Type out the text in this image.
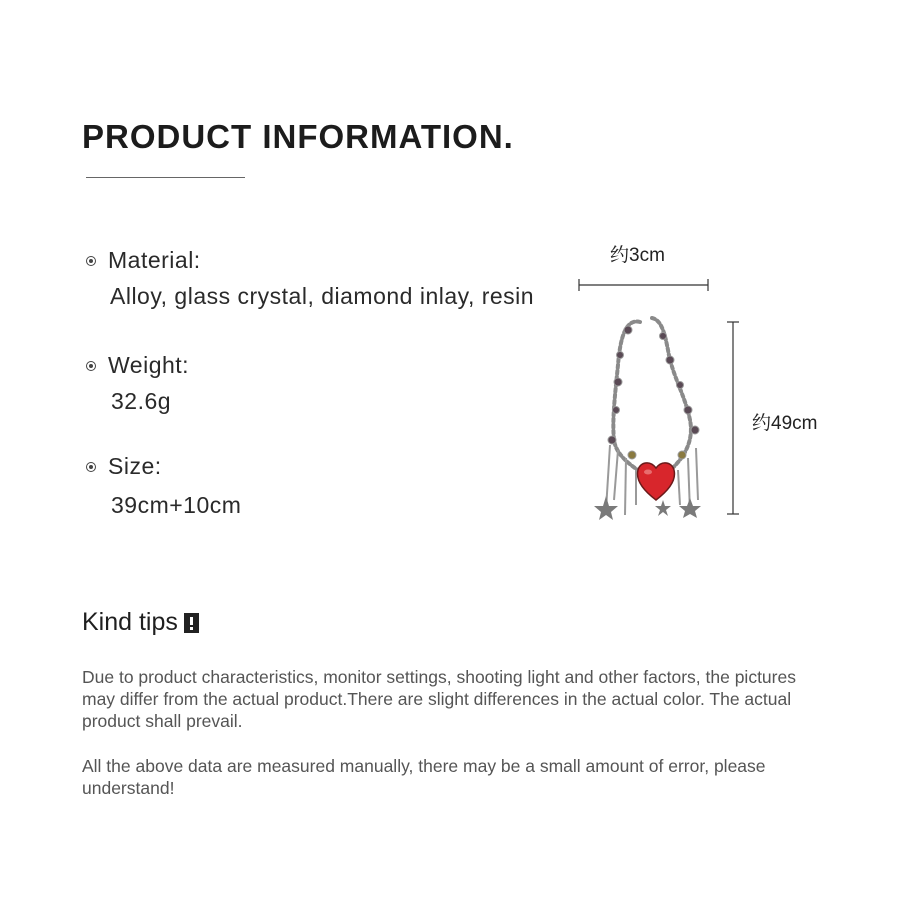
PRODUCT INFORMATION.
Material:
Alloy, glass crystal, diamond inlay, resin
Weight:
32.6g
Size:
39cm+10cm
约3cm
约49cm
Kind tips

Due to product characteristics, monitor settings, shooting light and other factors, the pictures may differ from the actual product.There are slight differences in the actual color. The actual product shall prevail.

All the above data are measured manually, there may be a small amount of error, please understand!
